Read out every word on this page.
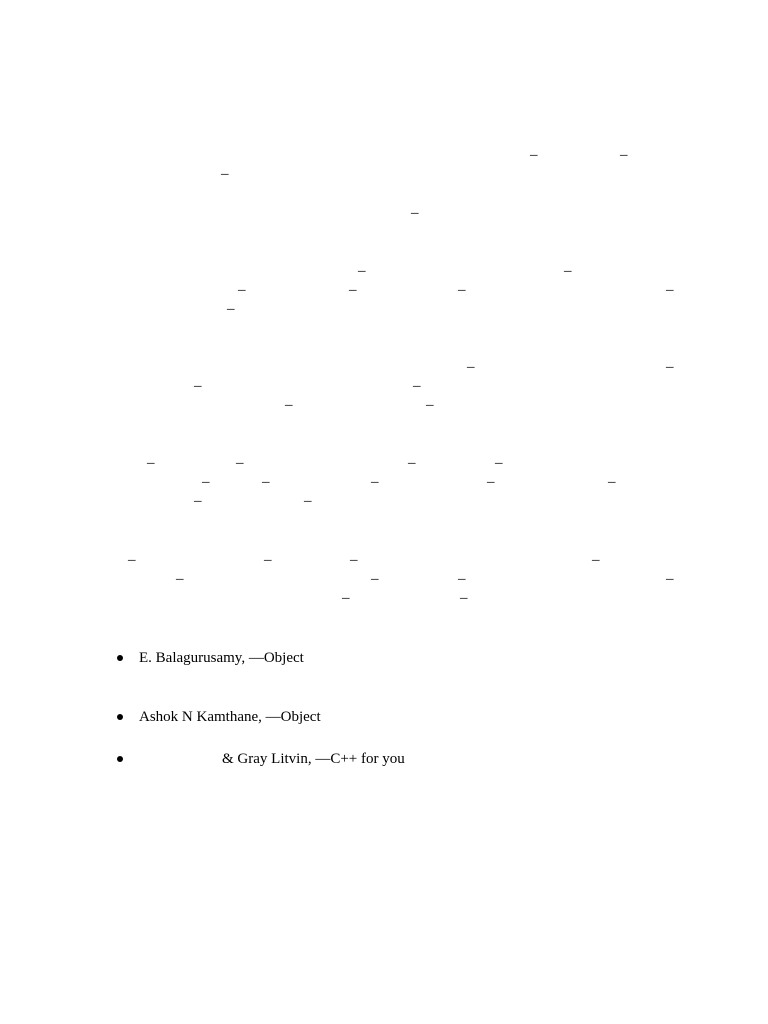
–	–
–
–
–	–
–	–	–	–
–
–	–
–	–
–	–
–	–	–	–
–	–	–	–	–
–	–
–	–	–	–
–	–	–	–
–	–
E. Balagurusamy, —Object
Ashok N Kamthane, —Object
& Gray Litvin, —C++ for you
